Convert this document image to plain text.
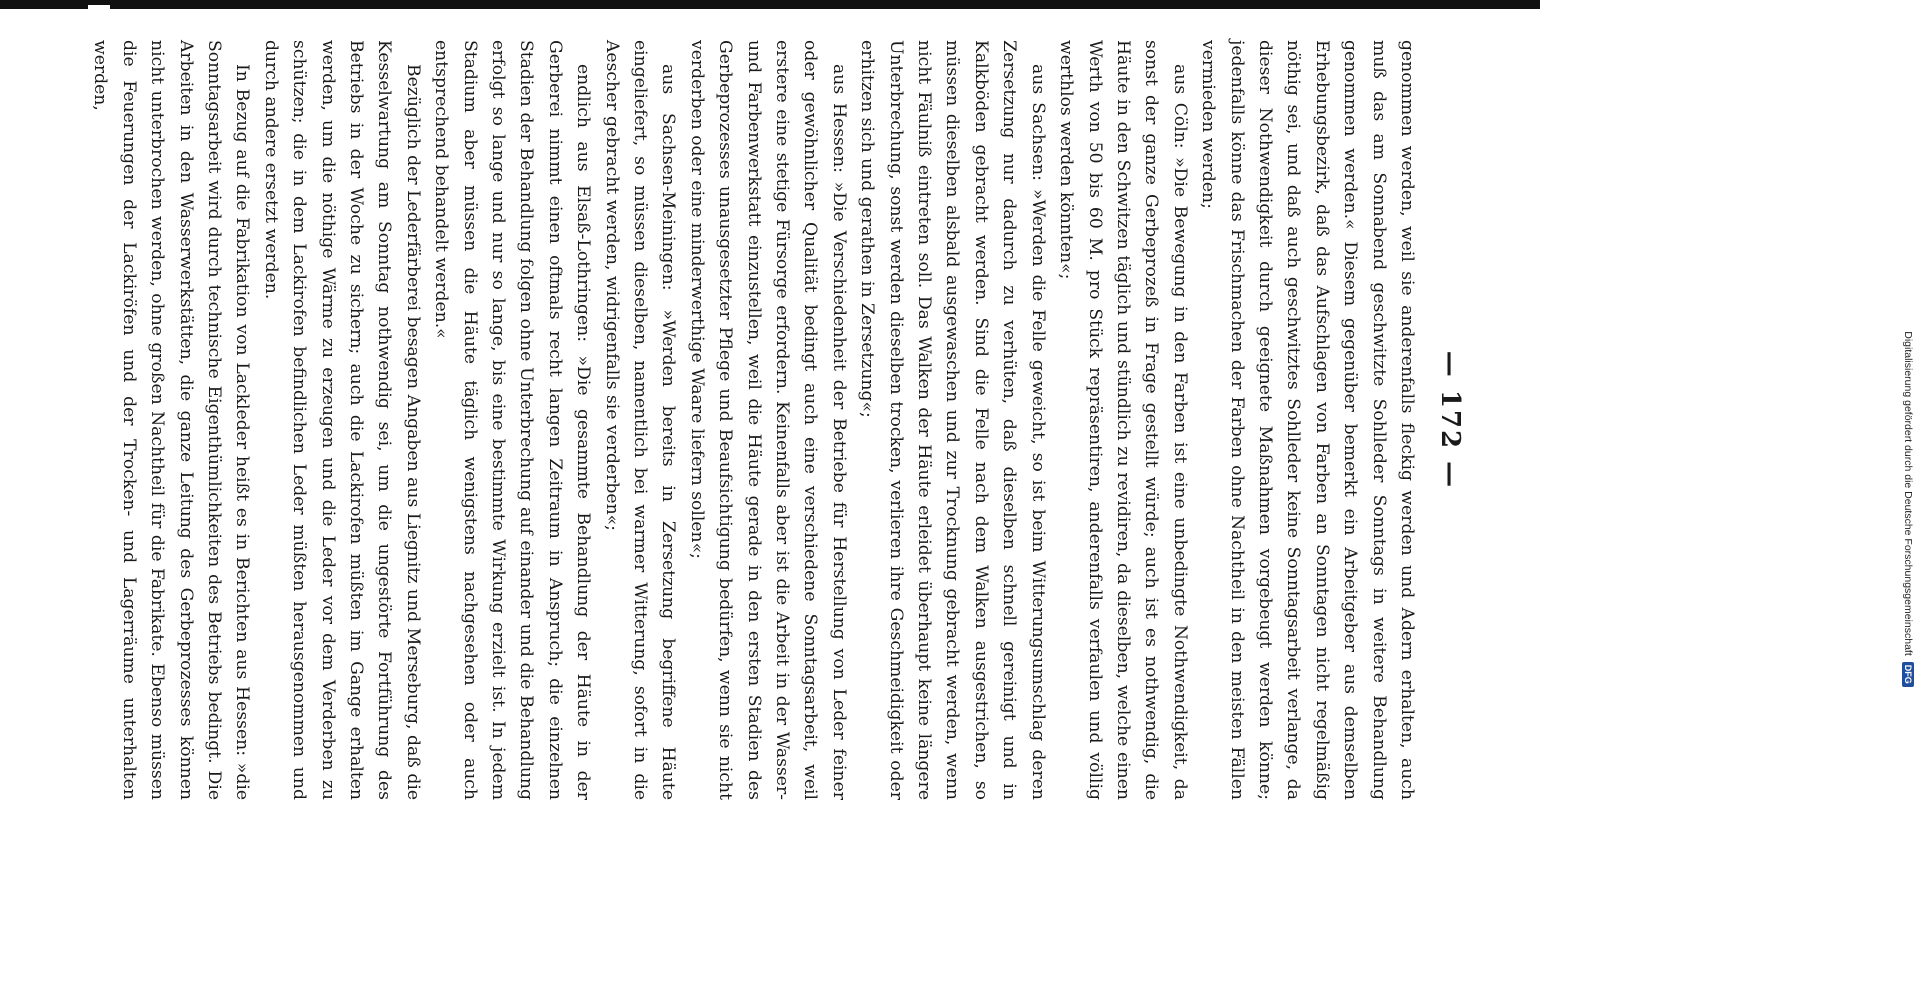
— 172 —

genommen werden, weil sie anderenfalls fleckig werden und Adern erhalten, auch muß das am Sonnabend geschwitzte Sohlleder Sonntags in weitere Behandlung genommen werden.« Diesem gegenüber bemerkt ein Arbeitgeber aus demselben Erhebungsbezirk, daß das Aufschlagen von Farben an Sonntagen nicht regelmäßig nöthig sei, und daß auch geschwitztes Sohlleder keine Sonntagsarbeit verlange, da dieser Nothwendigkeit durch geeignete Maßnahmen vorgebeugt werden könne; jedenfalls könne das Frischmachen der Farben ohne Nachtheil in den meisten Fällen vermieden werden;

aus Cöln: »Die Bewegung in den Farben ist eine unbedingte Nothwendigkeit, da sonst der ganze Gerbeprozeß in Frage gestellt würde; auch ist es nothwendig, die Häute in den Schwitzen täglich und stündlich zu revidiren, da dieselben, welche einen Werth von 50 bis 60 M. pro Stück repräsentiren, anderenfalls verfaulen und völlig werthlos werden könnten«;

aus Sachsen: »Werden die Felle geweicht, so ist beim Witterungsumschlag deren Zersetzung nur dadurch zu verhüten, daß dieselben schnell gereinigt und in Kalkböden gebracht werden. Sind die Felle nach dem Walken ausgestrichen, so müssen dieselben alsbald ausgewaschen und zur Trocknung gebracht werden, wenn nicht Fäulniß eintreten soll. Das Walken der Häute erleidet überhaupt keine längere Unterbrechung, sonst werden dieselben trocken, verlieren ihre Geschmeidigkeit oder erhitzen sich und gerathen in Zersetzung«;

aus Hessen: »Die Verschiedenheit der Betriebe für Herstellung von Leder feiner oder gewöhnlicher Qualität bedingt auch eine verschiedene Sonntagsarbeit, weil erstere eine stetige Fürsorge erfordern. Keinenfalls aber ist die Arbeit in der Wasser- und Farbenwerkstatt einzustellen, weil die Häute gerade in den ersten Stadien des Gerbeprozesses unausgesetzter Pflege und Beaufsichtigung bedürfen, wenn sie nicht verderben oder eine minderwerthige Waare liefern sollen«;

aus Sachsen-Meiningen: »Werden bereits in Zersetzung begriffene Häute eingeliefert, so müssen dieselben, namentlich bei warmer Witterung, sofort in die Aescher gebracht werden, widrigenfalls sie verderben«;

endlich aus Elsaß-Lothringen: »Die gesammte Behandlung der Häute in der Gerberei nimmt einen oftmals recht langen Zeitraum in Anspruch; die einzelnen Stadien der Behandlung folgen ohne Unterbrechung auf einander und die Behandlung erfolgt so lange und nur so lange, bis eine bestimmte Wirkung erzielt ist. In jedem Stadium aber müssen die Häute täglich wenigstens nachgesehen oder auch entsprechend behandelt werden.«

Bezüglich der Lederfärberei besagen Angaben aus Liegnitz und Merseburg, daß die Kesselwartung am Sonntag nothwendig sei, um die ungestörte Fortführung des Betriebs in der Woche zu sichern; auch die Lackirofen müßten im Gange erhalten werden, um die nöthige Wärme zu erzeugen und die Leder vor dem Verderben zu schützen; die in dem Lackirofen befindlichen Leder müßten herausgenommen und durch andere ersetzt werden.

In Bezug auf die Fabrikation von Lackleder heißt es in Berichten aus Hessen: »die Sonntagsarbeit wird durch technische Eigenthümlichkeiten des Betriebs bedingt. Die Arbeiten in den Wasserwerkstätten, die ganze Leitung des Gerbeprozesses können nicht unterbrochen werden, ohne großen Nachtheil für die Fabrikate. Ebenso müssen die Feuerungen der Lackiröfen und der Trocken- und Lagerräume unterhalten werden,

Digitalisierung gefördert durch die Deutsche Forschungsgemeinschaft
DFG
